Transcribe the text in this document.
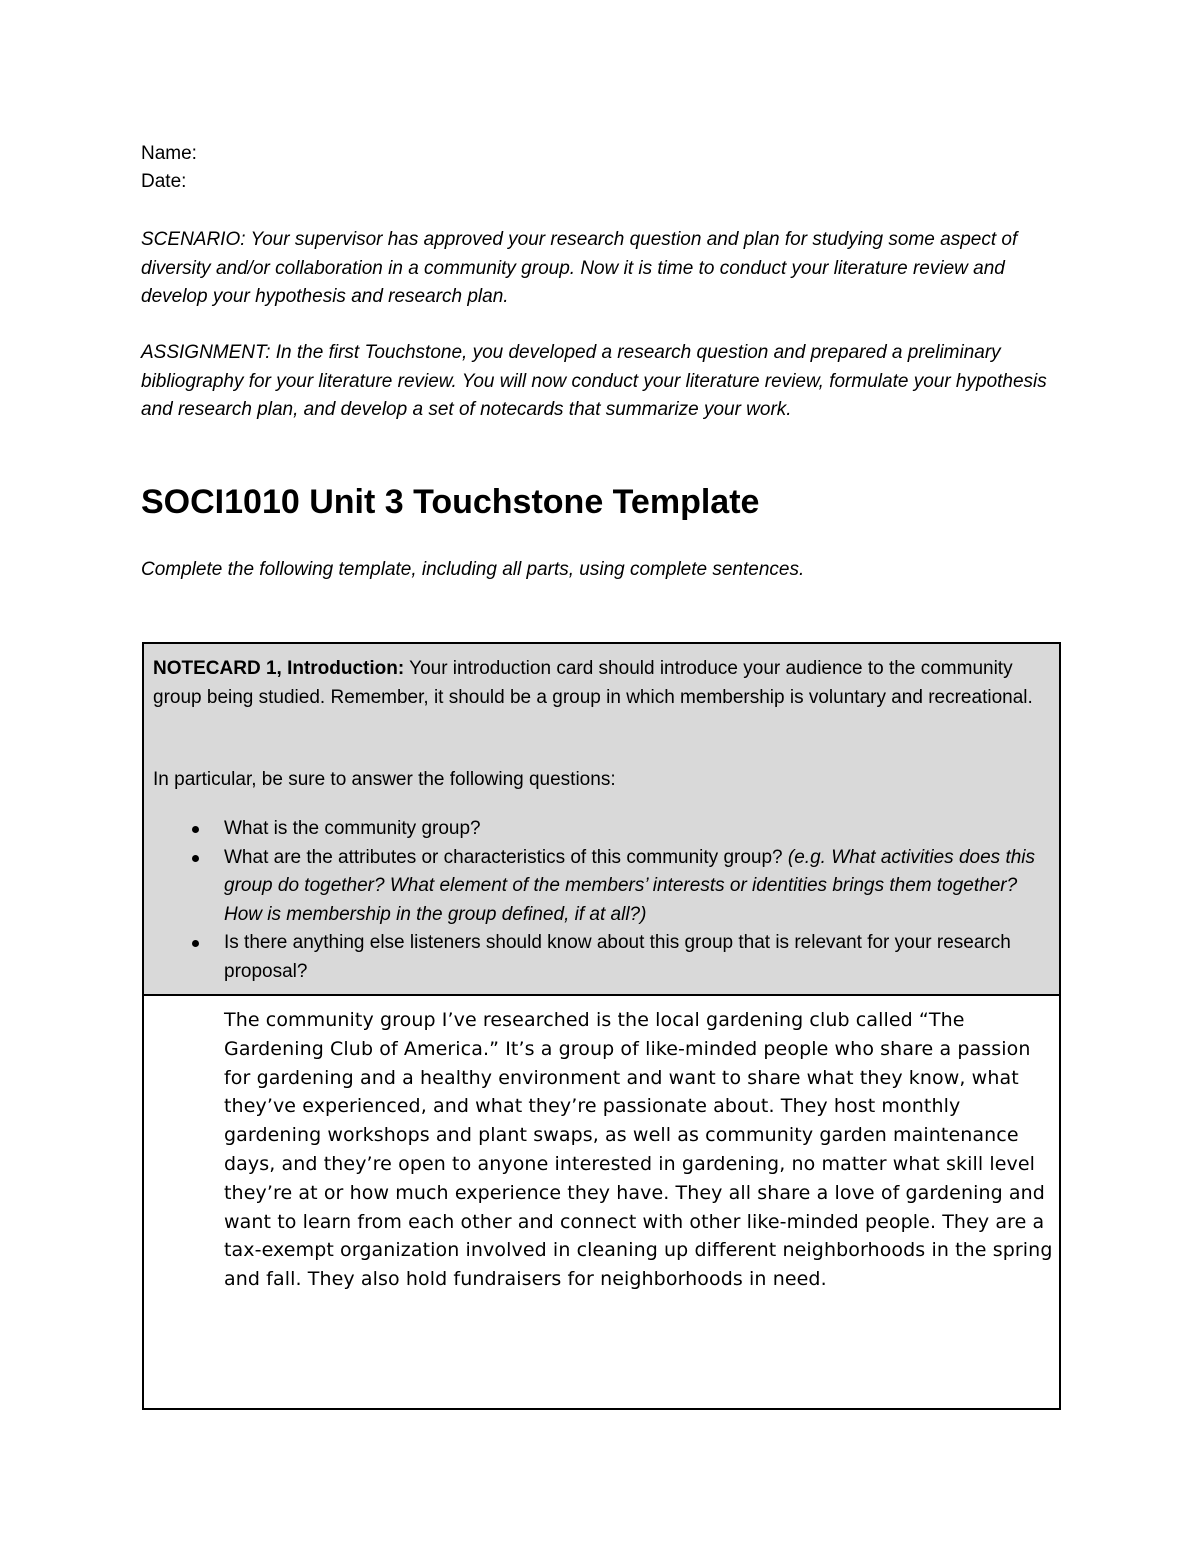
Name:
Date:
SCENARIO: Your supervisor has approved your research question and plan for studying some aspect of diversity and/or collaboration in a community group. Now it is time to conduct your literature review and develop your hypothesis and research plan.
ASSIGNMENT: In the first Touchstone, you developed a research question and prepared a preliminary bibliography for your literature review. You will now conduct your literature review, formulate your hypothesis and research plan, and develop a set of notecards that summarize your work.
SOCI1010 Unit 3 Touchstone Template
Complete the following template, including all parts, using complete sentences.
NOTECARD 1, Introduction: Your introduction card should introduce your audience to the community group being studied. Remember, it should be a group in which membership is voluntary and recreational.
In particular, be sure to answer the following questions:
What is the community group?
What are the attributes or characteristics of this community group? (e.g. What activities does this group do together? What element of the members’ interests or identities brings them together? How is membership in the group defined, if at all?)
Is there anything else listeners should know about this group that is relevant for your research proposal?
The community group I’ve researched is the local gardening club called “The Gardening Club of America.” It’s a group of like-minded people who share a passion for gardening and a healthy environment and want to share what they know, what they’ve experienced, and what they’re passionate about. They host monthly gardening workshops and plant swaps, as well as community garden maintenance days, and they’re open to anyone interested in gardening, no matter what skill level they’re at or how much experience they have. They all share a love of gardening and want to learn from each other and connect with other like-minded people. They are a tax-exempt organization involved in cleaning up different neighborhoods in the spring and fall. They also hold fundraisers for neighborhoods in need.
